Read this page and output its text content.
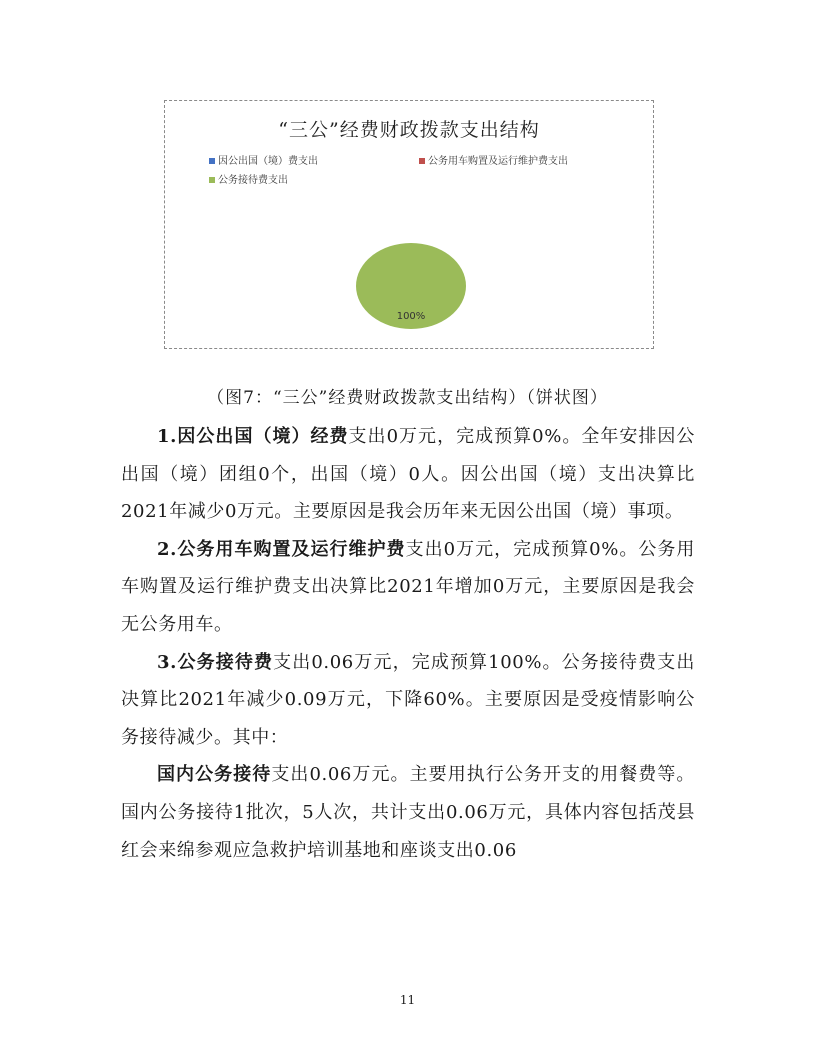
“三公”经费财政拨款支出结构
因公出国（境）费支出	公务用车购置及运行维护费支出
公务接待费支出
100%
（图7：“三公”经费财政拨款支出结构）（饼状图）

1.因公出国（境）经费支出0万元，完成预算0%。全年安排因公出国（境）团组0个，出国（境）0人。因公出国（境）支出决算比2021年减少0万元。主要原因是我会历年来无因公出国（境）事项。

2.公务用车购置及运行维护费支出0万元，完成预算0%。公务用车购置及运行维护费支出决算比2021年增加0万元，主要原因是我会无公务用车。

3.公务接待费支出0.06万元，完成预算100%。公务接待费支出决算比2021年减少0.09万元，下降60%。主要原因是受疫情影响公务接待减少。其中：

国内公务接待支出0.06万元。主要用执行公务开支的用餐费等。国内公务接待1批次，5人次，共计支出0.06万元，具体内容包括茂县红会来绵参观应急救护培训基地和座谈支出0.06

11
